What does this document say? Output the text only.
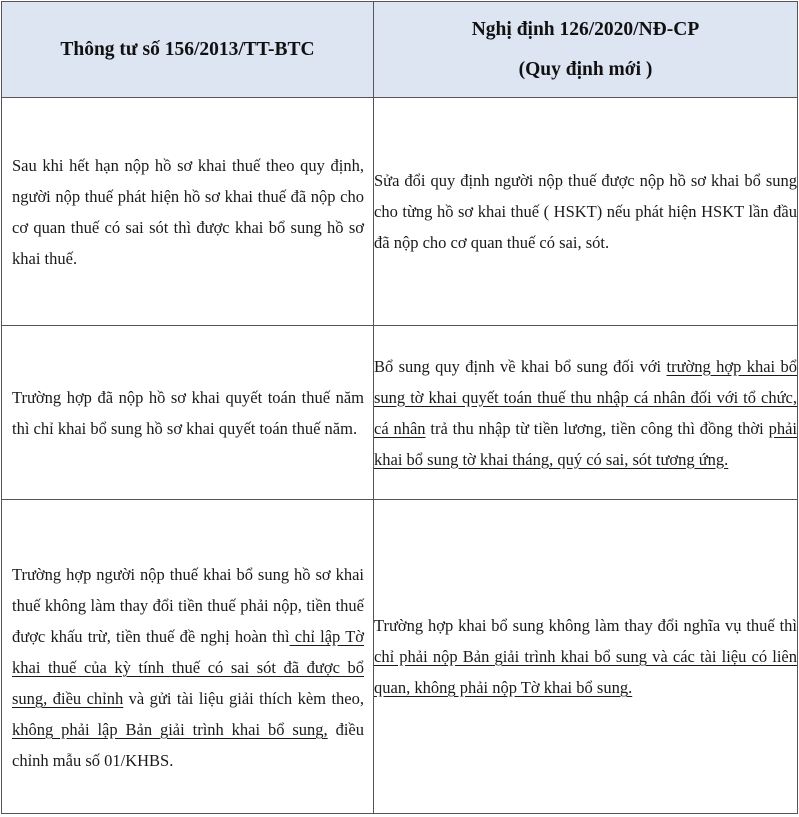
Thông tư số 156/2013/TT-BTC	Nghị định 126/2020/NĐ-CP
(Quy định mới )

Sau khi hết hạn nộp hồ sơ khai thuế theo quy định, người nộp thuế phát hiện hồ sơ khai thuế đã nộp cho cơ quan thuế có sai sót thì được khai bổ sung hồ sơ khai thuế.	Sửa đổi quy định người nộp thuế được nộp hồ sơ khai bổ sung cho từng hồ sơ khai thuế ( HSKT) nếu phát hiện HSKT lần đầu đã nộp cho cơ quan thuế có sai, sót.
Trường hợp đã nộp hồ sơ khai quyết toán thuế năm thì chỉ khai bổ sung hồ sơ khai quyết toán thuế năm.	Bổ sung quy định về khai bổ sung đối với trường hợp khai bổ sung tờ khai quyết toán thuế thu nhập cá nhân đối với tổ chức, cá nhân trả thu nhập từ tiền lương, tiền công thì đồng thời phải khai bổ sung tờ khai tháng, quý có sai, sót tương ứng.

Trường hợp người nộp thuế khai bổ sung hồ sơ khai thuế không làm thay đổi tiền thuế phải nộp, tiền thuế được khấu trừ, tiền thuế đề nghị hoàn thì chỉ lập Tờ khai thuế của kỳ tính thuế có sai sót đã được bổ sung, điều chỉnh và gửi tài liệu giải thích kèm theo, không phải lập Bản giải trình khai bổ sung, điều chỉnh mẫu số 01/KHBS.	Trường hợp khai bổ sung không làm thay đổi nghĩa vụ thuế thì chỉ phải nộp Bản giải trình khai bổ sung và các tài liệu có liên quan, không phải nộp Tờ khai bổ sung.
